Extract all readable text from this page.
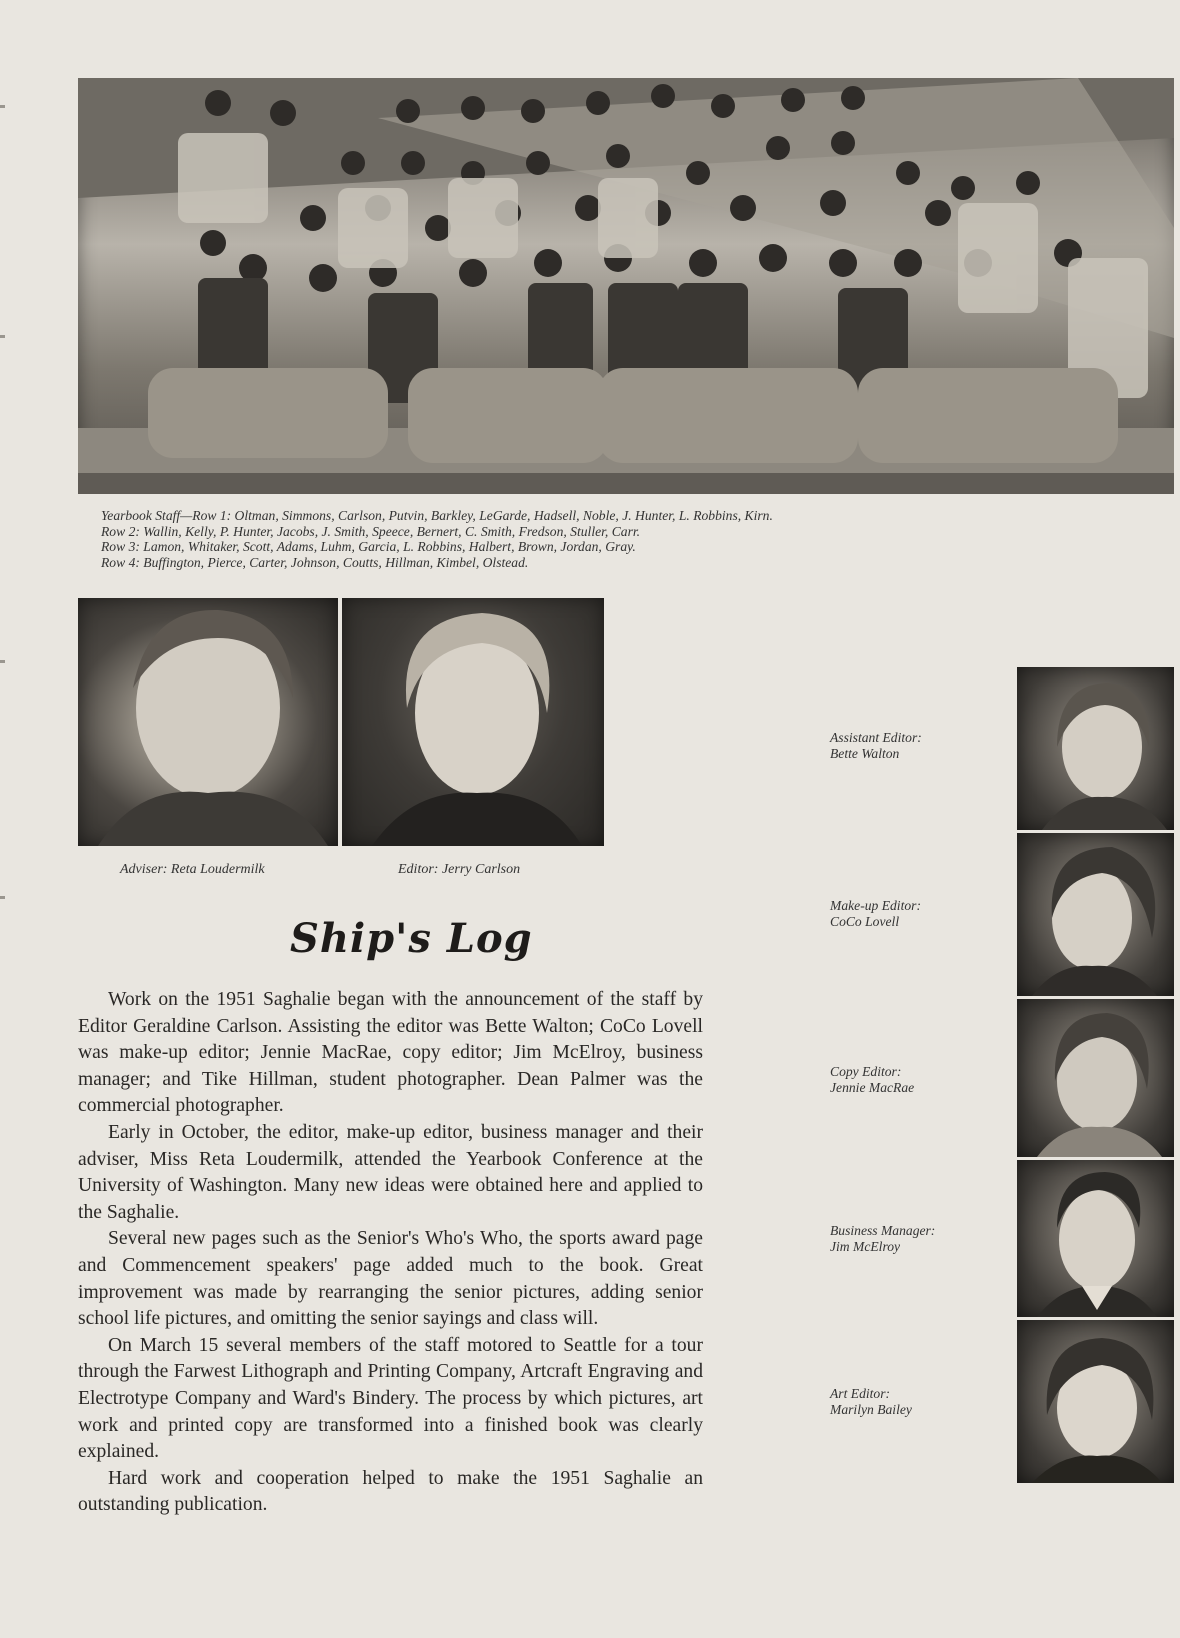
Yearbook Staff—Row 1: Oltman, Simmons, Carlson, Putvin, Barkley, LeGarde, Hadsell, Noble, J. Hunter, L. Robbins, Kirn.
Row 2: Wallin, Kelly, P. Hunter, Jacobs, J. Smith, Speece, Bernert, C. Smith, Fredson, Stuller, Carr.
Row 3: Lamon, Whitaker, Scott, Adams, Luhm, Garcia, L. Robbins, Halbert, Brown, Jordan, Gray.
Row 4: Buffington, Pierce, Carter, Johnson, Coutts, Hillman, Kimbel, Olstead.
Adviser: Reta Loudermilk	Editor: Jerry Carlson
Ship's Log

Work on the 1951 Saghalie began with the announcement of the staff by Editor Geraldine Carlson. Assisting the editor was Bette Walton; CoCo Lovell was make-up editor; Jennie MacRae, copy editor; Jim McElroy, business manager; and Tike Hillman, student photographer. Dean Palmer was the commercial photographer.

Early in October, the editor, make-up editor, business manager and their adviser, Miss Reta Loudermilk, attended the Yearbook Conference at the University of Washington. Many new ideas were obtained here and applied to the Saghalie.

Several new pages such as the Senior's Who's Who, the sports award page and Commencement speakers' page added much to the book. Great improvement was made by rearranging the senior pictures, adding senior school life pictures, and omitting the senior sayings and class will.

On March 15 several members of the staff motored to Seattle for a tour through the Farwest Lithograph and Printing Company, Artcraft Engraving and Electrotype Company and Ward's Bindery. The process by which pictures, art work and printed copy are transformed into a finished book was clearly explained.

Hard work and cooperation helped to make the 1951 Saghalie an outstanding publication.

Assistant Editor:
Bette Walton
Make-up Editor:
CoCo Lovell
Copy Editor:
Jennie MacRae
Business Manager:
Jim McElroy
Art Editor:
Marilyn Bailey
